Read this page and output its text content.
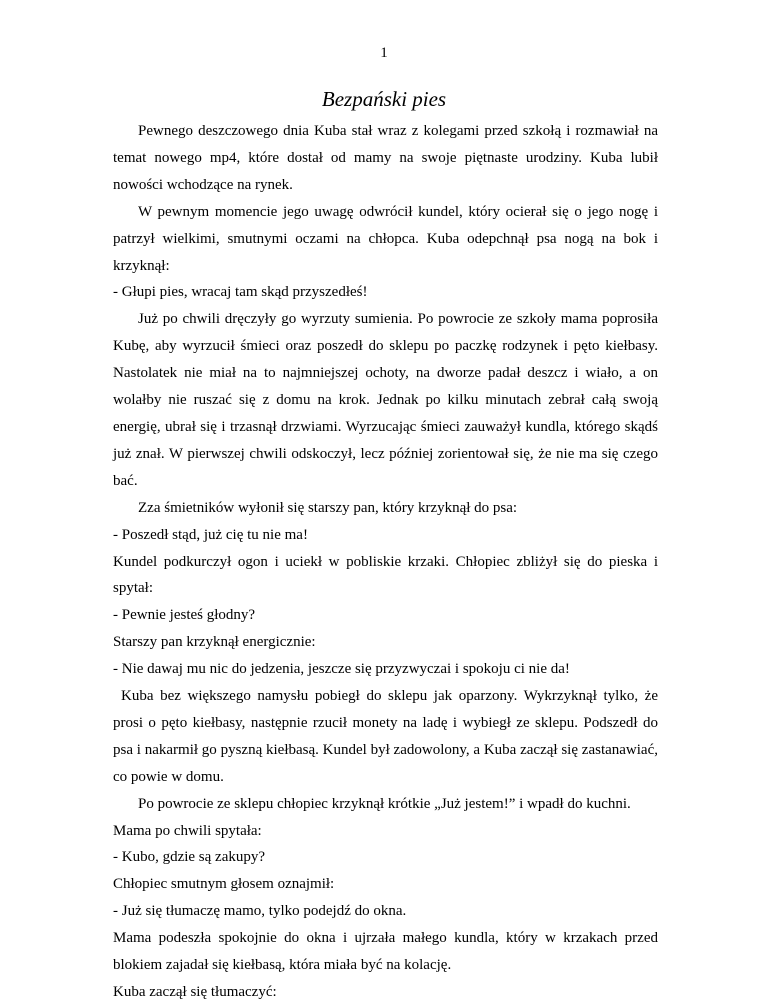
1
Bezpański pies

Pewnego deszczowego dnia Kuba stał wraz z kolegami przed szkołą i rozmawiał na temat nowego mp4, które dostał od mamy na swoje piętnaste urodziny. Kuba lubił nowości wchodzące na rynek.

W pewnym momencie jego uwagę odwrócił kundel, który ocierał się o jego nogę i patrzył wielkimi, smutnymi oczami na chłopca. Kuba odepchnął psa nogą na bok i krzyknął:

- Głupi pies, wracaj tam skąd przyszedłeś!

Już po chwili dręczyły go wyrzuty sumienia. Po powrocie ze szkoły mama poprosiła Kubę, aby wyrzucił śmieci oraz poszedł do sklepu po paczkę rodzynek i pęto kiełbasy. Nastolatek nie miał na to najmniejszej ochoty, na dworze padał deszcz i wiało, a on wolałby nie ruszać się z domu na krok. Jednak po kilku minutach zebrał całą swoją energię, ubrał się i trzasnął drzwiami. Wyrzucając śmieci zauważył kundla, którego skądś już znał. W pierwszej chwili odskoczył, lecz później zorientował się, że nie ma się czego bać.

Zza śmietników wyłonił się starszy pan, który krzyknął do psa:

- Poszedł stąd, już cię tu nie ma!

Kundel podkurczył ogon i uciekł w pobliskie krzaki. Chłopiec zbliżył się do pieska i spytał:

- Pewnie jesteś głodny?

Starszy pan krzyknął energicznie:

- Nie dawaj mu nic do jedzenia, jeszcze się przyzwyczai i spokoju ci nie da!

Kuba bez większego namysłu pobiegł do sklepu jak oparzony. Wykrzyknął tylko, że prosi o pęto kiełbasy, następnie rzucił monety na ladę i wybiegł ze sklepu. Podszedł do psa i nakarmił go pyszną kiełbasą. Kundel był zadowolony, a Kuba zaczął się zastanawiać, co powie w domu.

Po powrocie ze sklepu chłopiec krzyknął krótkie „Już jestem!” i wpadł do kuchni.

Mama po chwili spytała:

- Kubo, gdzie są zakupy?

Chłopiec smutnym głosem oznajmił:

- Już się tłumaczę mamo, tylko podejdź do okna.

Mama podeszła spokojnie do okna i ujrzała małego kundla, który w krzakach przed blokiem zajadał się kiełbasą, która miała być na kolację.

Kuba zaczął się tłumaczyć:
